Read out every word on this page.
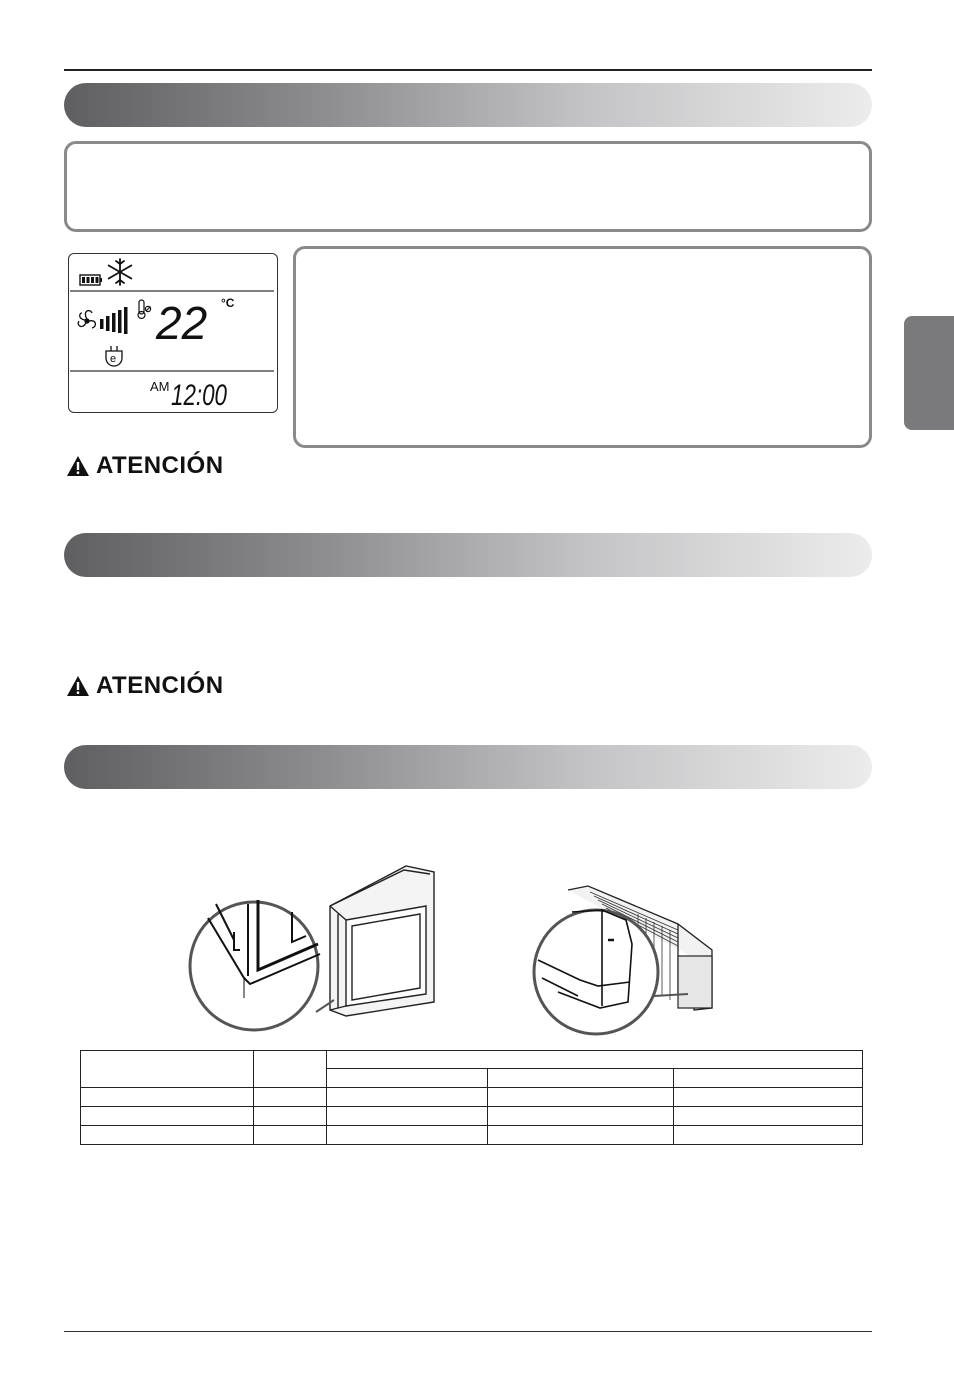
22 °C
e
AM 12:00
ATENCIÓN
ATENCIÓN
